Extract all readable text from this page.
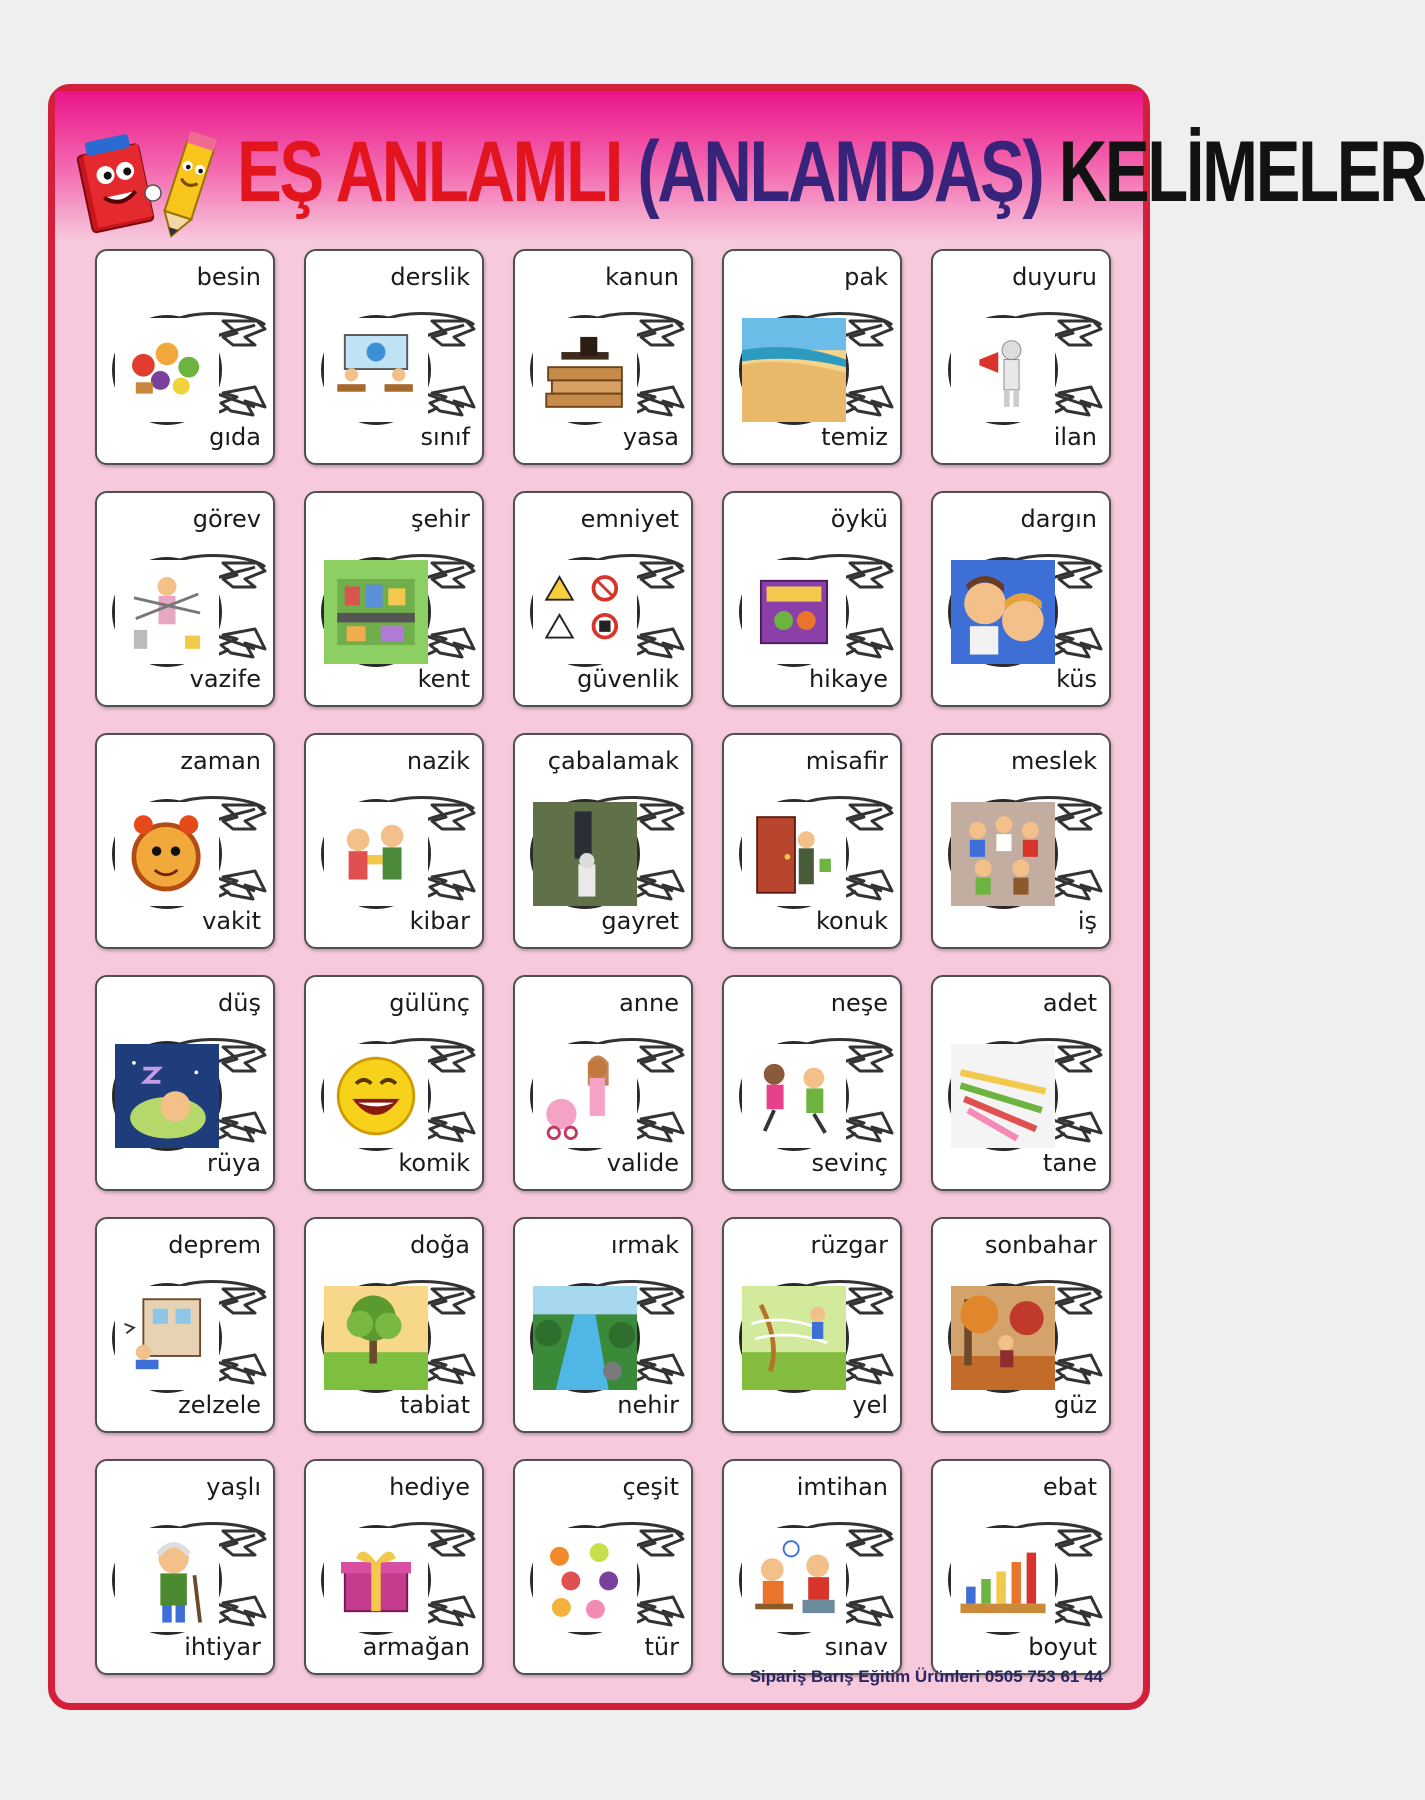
EŞ ANLAMLI (ANLAMDAŞ) KELİMELER
besin
gıda
derslik
sınıf
kanun
yasa
pak
temiz
duyuru
ilan
görev
vazife
şehir
kent
emniyet
güvenlik
öykü
hikaye
dargın
küs
zaman
vakit
nazik
kibar
çabalamak
gayret
misafir
konuk
meslek
iş
düş
rüya
gülünç
komik
anne
valide
neşe
sevinç
adet
tane
deprem
zelzele
doğa
tabiat
ırmak
nehir
rüzgar
yel
sonbahar
güz
yaşlı
ihtiyar
hediye
armağan
çeşit
tür
imtihan
sınav
ebat
boyut
Sipariş Barış Eğitim Ürünleri 0505 753 61 44
